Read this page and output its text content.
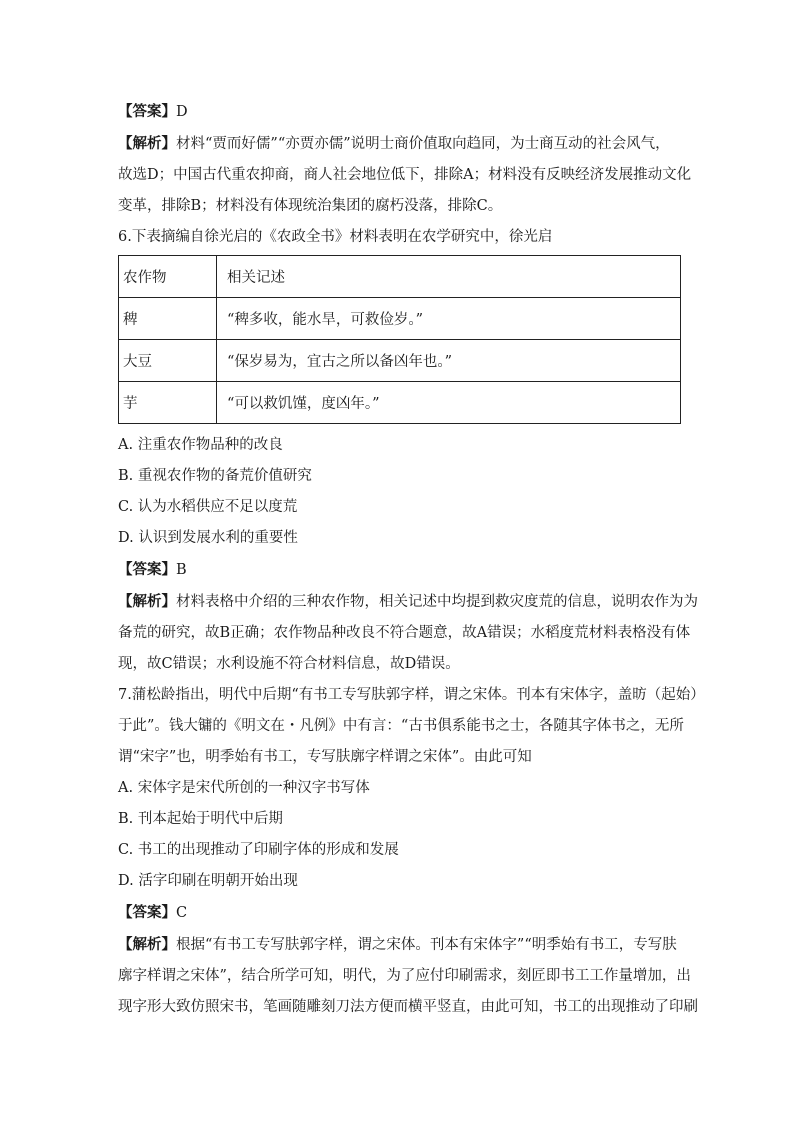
【答案】D

【解析】材料“贾而好儒”“亦贾亦儒”说明士商价值取向趋同，为士商互动的社会风气，

故选D；中国古代重农抑商，商人社会地位低下，排除A；材料没有反映经济发展推动文化

变革，排除B；材料没有体现统治集团的腐朽没落，排除C。

6.下表摘编自徐光启的《农政全书》材料表明在农学研究中，徐光启

农作物	相关记述
稗	“稗多收，能水旱，可救俭岁。”
大豆	“保岁易为，宜古之所以备凶年也。”
芋	“可以救饥馑，度凶年。”

A. 注重农作物品种的改良

B. 重视农作物的备荒价值研究

C. 认为水稻供应不足以度荒

D. 认识到发展水利的重要性

【答案】B

【解析】材料表格中介绍的三种农作物，相关记述中均提到救灾度荒的信息，说明农作为为

备荒的研究，故B正确；农作物品种改良不符合题意，故A错误；水稻度荒材料表格没有体

现，故C错误；水利设施不符合材料信息，故D错误。

7.蒲松龄指出，明代中后期“有书工专写肤郭字样，谓之宋体。刊本有宋体字，盖昉（起始）

于此”。钱大镛的《明文在・凡例》中有言：“古书俱系能书之士，各随其字体书之，无所

谓“宋字”也，明季始有书工，专写肤廓字样谓之宋体”。由此可知

A. 宋体字是宋代所创的一种汉字书写体

B. 刊本起始于明代中后期

C. 书工的出现推动了印刷字体的形成和发展

D. 活字印刷在明朝开始出现

【答案】C

【解析】根据“有书工专写肤郭字样，谓之宋体。刊本有宋体字”“明季始有书工，专写肤

廓字样谓之宋体”，结合所学可知，明代，为了应付印刷需求，刻匠即书工工作量增加，出

现字形大致仿照宋书，笔画随雕刻刀法方便而横平竖直，由此可知，书工的出现推动了印刷
